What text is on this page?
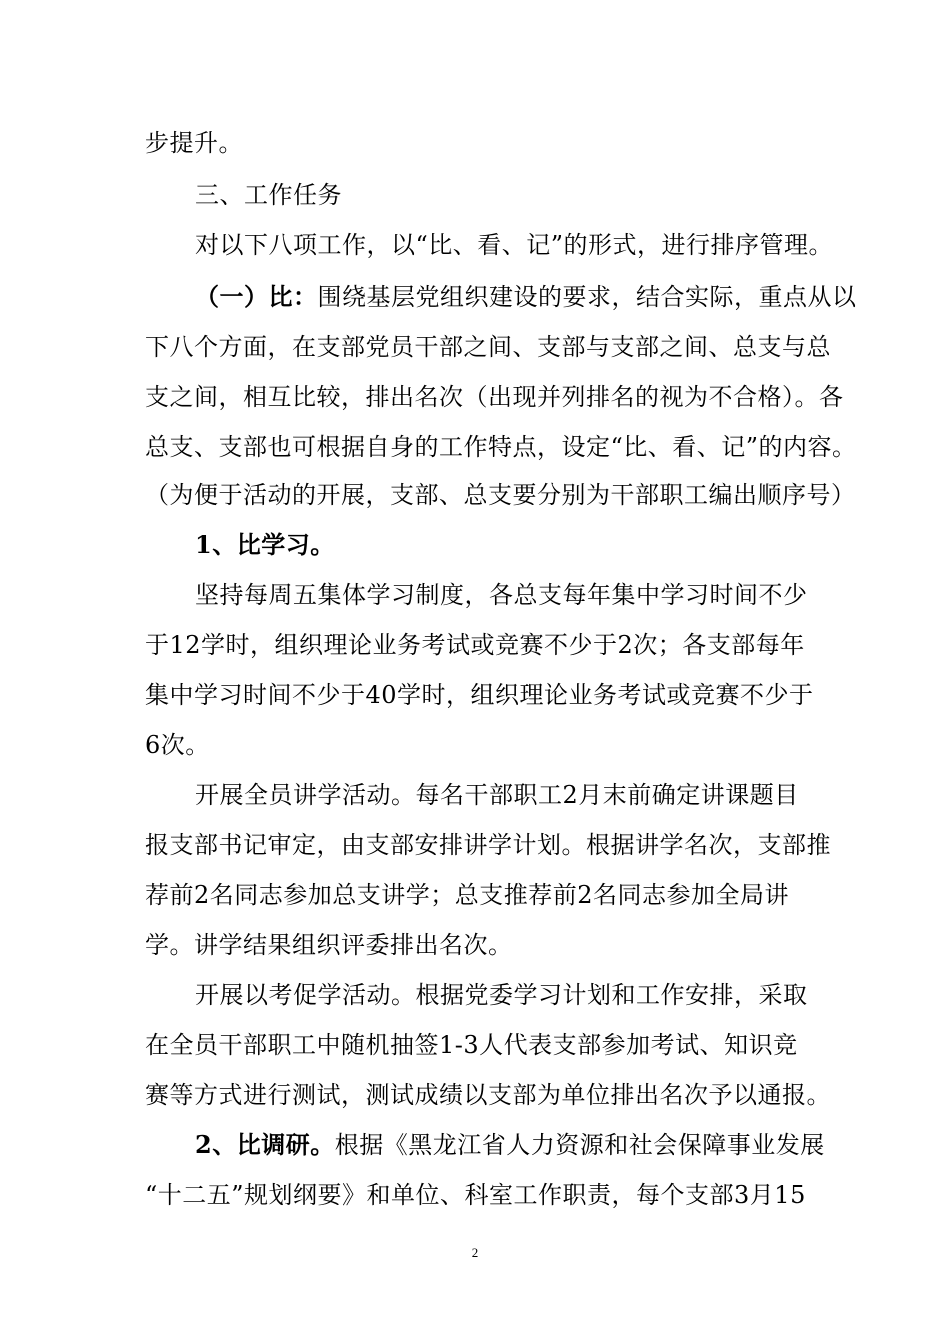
步提升。
三、工作任务
对以下八项工作，以“比、看、记”的形式，进行排序管理。
（一）比：围绕基层党组织建设的要求，结合实际，重点从以
下八个方面，在支部党员干部之间、支部与支部之间、总支与总
支之间，相互比较，排出名次（出现并列排名的视为不合格）。各
总支、支部也可根据自身的工作特点，设定“比、看、记”的内容。
（为便于活动的开展，支部、总支要分别为干部职工编出顺序号）
1、比学习。
坚持每周五集体学习制度，各总支每年集中学习时间不少
于12学时，组织理论业务考试或竞赛不少于2次；各支部每年
集中学习时间不少于40学时，组织理论业务考试或竞赛不少于
6次。
开展全员讲学活动。每名干部职工2月末前确定讲课题目
报支部书记审定，由支部安排讲学计划。根据讲学名次，支部推
荐前2名同志参加总支讲学；总支推荐前2名同志参加全局讲
学。讲学结果组织评委排出名次。
开展以考促学活动。根据党委学习计划和工作安排，采取
在全员干部职工中随机抽签1-3人代表支部参加考试、知识竞
赛等方式进行测试，测试成绩以支部为单位排出名次予以通报。
2、比调研。根据《黑龙江省人力资源和社会保障事业发展
“十二五”规划纲要》和单位、科室工作职责，每个支部3月15
2
